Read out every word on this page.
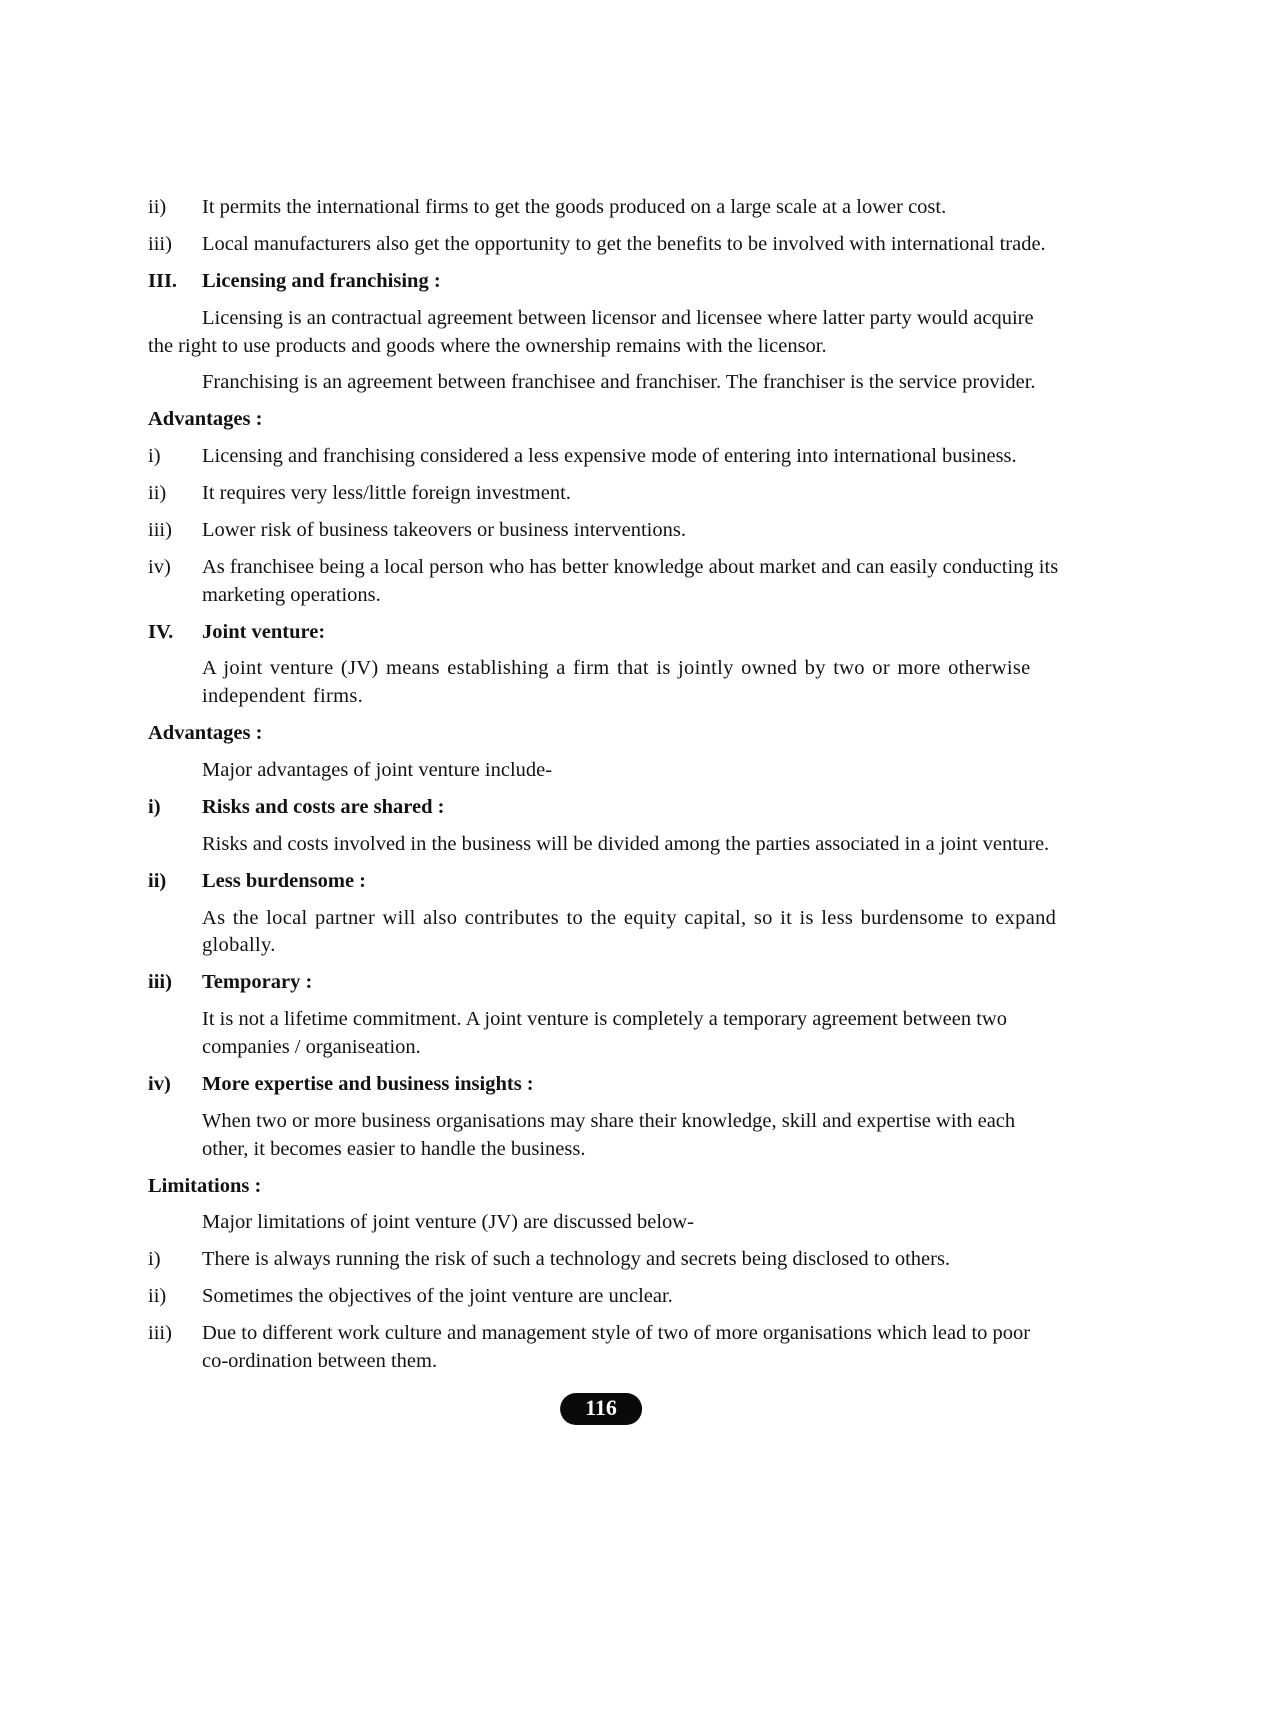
ii)	It permits the international firms to get the goods produced on a large scale at a lower cost.
iii)	Local manufacturers also get the opportunity to get the benefits to be involved with international trade.
III.	Licensing and franchising :

Licensing is an contractual agreement between licensor and licensee where latter party would acquire the right to use products and goods where the ownership remains with the licensor.

Franchising is an agreement between franchisee and franchiser. The franchiser is the service provider.

Advantages :
i)	Licensing and franchising considered a less expensive mode of entering into international business.
ii)	It requires very less/little foreign investment.
iii)	Lower risk of business takeovers or business interventions.
iv)	As franchisee being a local person who has better knowledge about market and can easily conducting its marketing operations.
IV.	Joint venture:

A joint venture (JV) means establishing a firm that is jointly owned by two or more otherwise independent firms.

Advantages :

Major advantages of joint venture include-

i)	Risks and costs are shared :

Risks and costs involved in the business will be divided among the parties associated in a joint venture.

ii)	Less burdensome :

As the local partner will also contributes to the equity capital, so it is less burdensome to expand globally.

iii)	Temporary :

It is not a lifetime commitment. A joint venture is completely a temporary agreement between two companies / organiseation.

iv)	More expertise and business insights :

When two or more business organisations may share their knowledge, skill and expertise with each other, it becomes easier to handle the business.

Limitations :

Major limitations of joint venture (JV) are discussed below-

i)	There is always running the risk of such a technology and secrets being disclosed to others.
ii)	Sometimes the objectives of the joint venture are unclear.
iii)	Due to different work culture and management style of two of more organisations which lead to poor co-ordination between them.
116
